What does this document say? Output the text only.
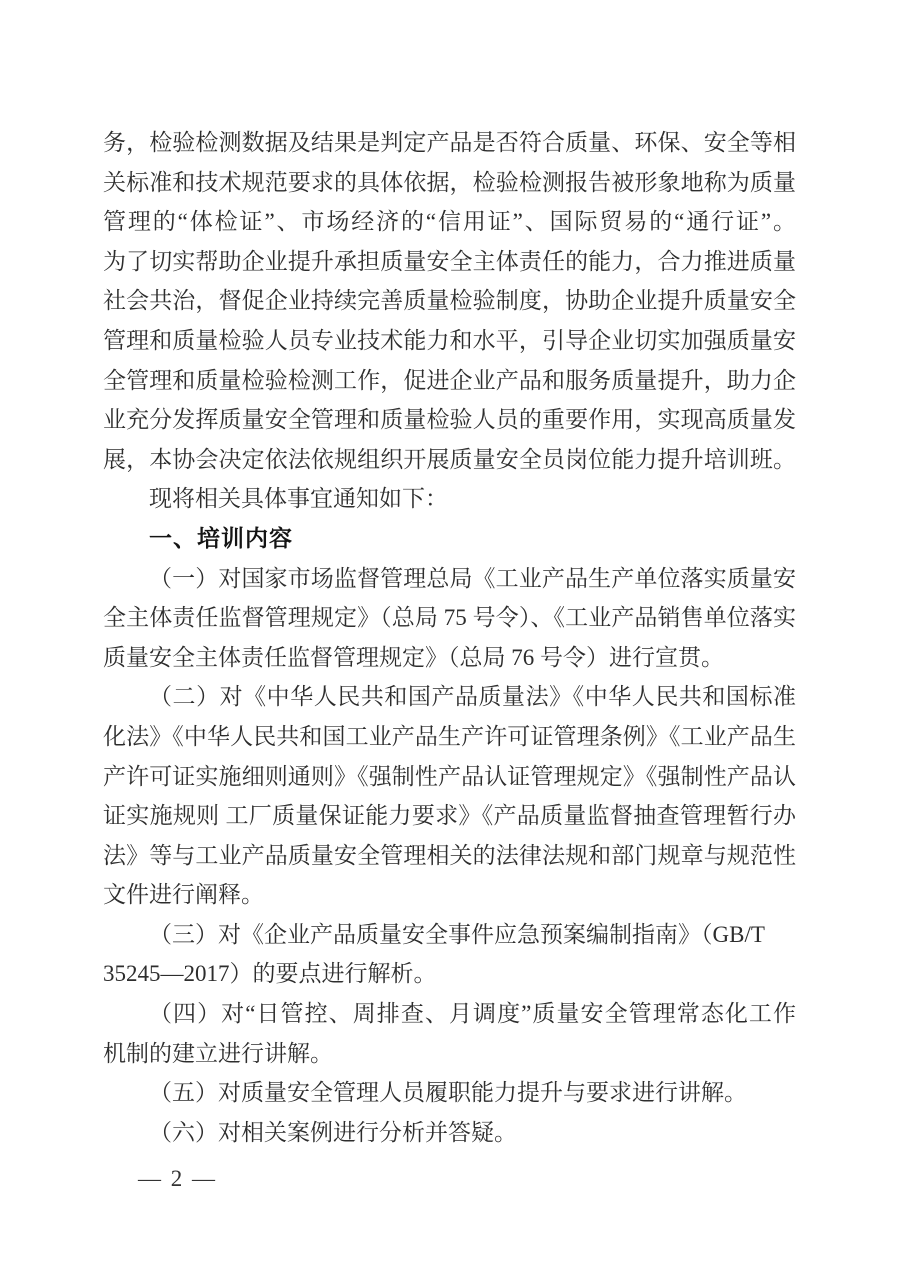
务，检验检测数据及结果是判定产品是否符合质量、环保、安全等相
关标准和技术规范要求的具体依据，检验检测报告被形象地称为质量
管理的“体检证”、市场经济的“信用证”、国际贸易的“通行证”。
为了切实帮助企业提升承担质量安全主体责任的能力，合力推进质量
社会共治，督促企业持续完善质量检验制度，协助企业提升质量安全
管理和质量检验人员专业技术能力和水平，引导企业切实加强质量安
全管理和质量检验检测工作，促进企业产品和服务质量提升，助力企
业充分发挥质量安全管理和质量检验人员的重要作用，实现高质量发
展，本协会决定依法依规组织开展质量安全员岗位能力提升培训班。
现将相关具体事宜通知如下：
一、培训内容
（一）对国家市场监督管理总局《工业产品生产单位落实质量安
全主体责任监督管理规定》（总局 75 号令）、《工业产品销售单位落实
质量安全主体责任监督管理规定》（总局 76 号令）进行宣贯。
（二）对《中华人民共和国产品质量法》《中华人民共和国标准
化法》《中华人民共和国工业产品生产许可证管理条例》《工业产品生
产许可证实施细则通则》《强制性产品认证管理规定》《强制性产品认
证实施规则 工厂质量保证能力要求》《产品质量监督抽查管理暂行办
法》等与工业产品质量安全管理相关的法律法规和部门规章与规范性
文件进行阐释。
（三）对《企业产品质量安全事件应急预案编制指南》（GB/T
35245—2017）的要点进行解析。
（四）对“日管控、周排查、月调度”质量安全管理常态化工作
机制的建立进行讲解。
（五）对质量安全管理人员履职能力提升与要求进行讲解。
（六）对相关案例进行分析并答疑。
— 2 —
